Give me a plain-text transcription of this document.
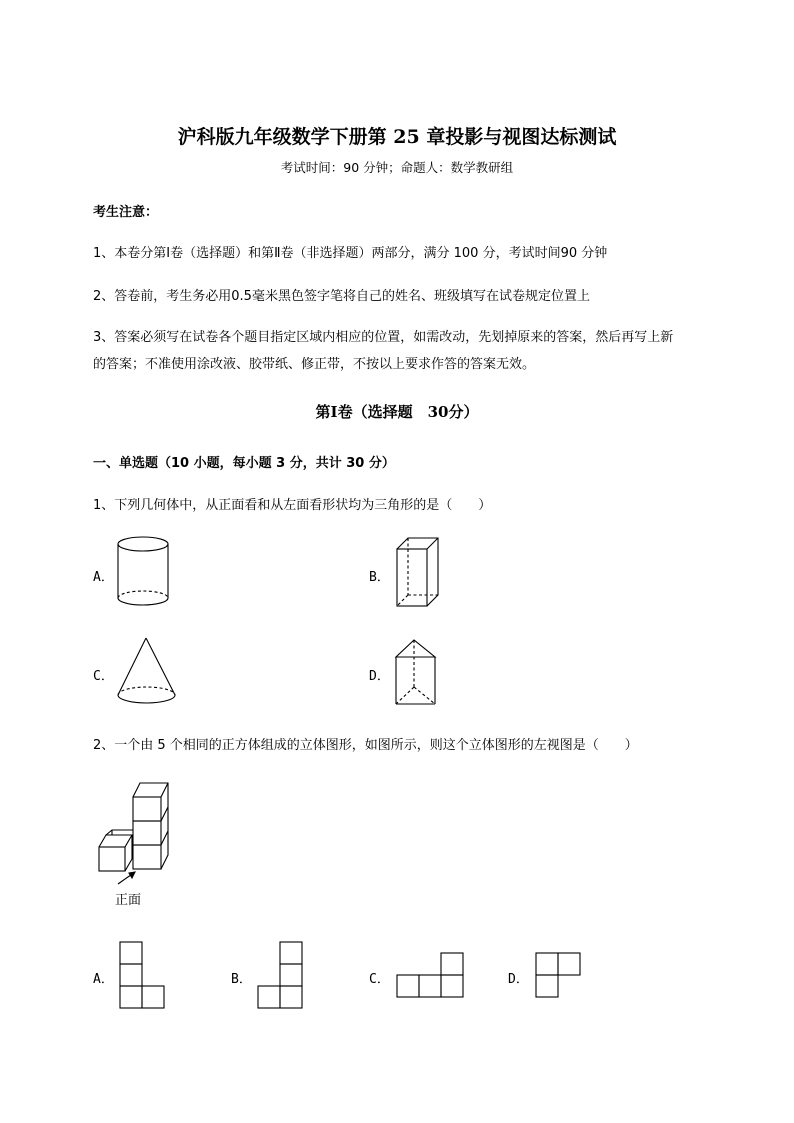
沪科版九年级数学下册第 25 章投影与视图达标测试
考试时间：90 分钟；命题人：数学教研组
考生注意：
1、本卷分第Ⅰ卷（选择题）和第Ⅱ卷（非选择题）两部分，满分 100 分，考试时间90 分钟
2、答卷前，考生务必用0.5毫米黑色签字笔将自己的姓名、班级填写在试卷规定位置上
3、答案必须写在试卷各个题目指定区域内相应的位置，如需改动，先划掉原来的答案，然后再写上新
的答案；不准使用涂改液、胶带纸、修正带，不按以上要求作答的答案无效。
第Ⅰ卷（选择题　30分）
一、单选题（10 小题，每小题 3 分，共计 30 分）
1、下列几何体中，从正面看和从左面看形状均为三角形的是（　　）
A．	B．
C．	D．
2、一个由 5 个相同的正方体组成的立体图形，如图所示，则这个立体图形的左视图是（　　）
正面
A．	B．	C．	D．
